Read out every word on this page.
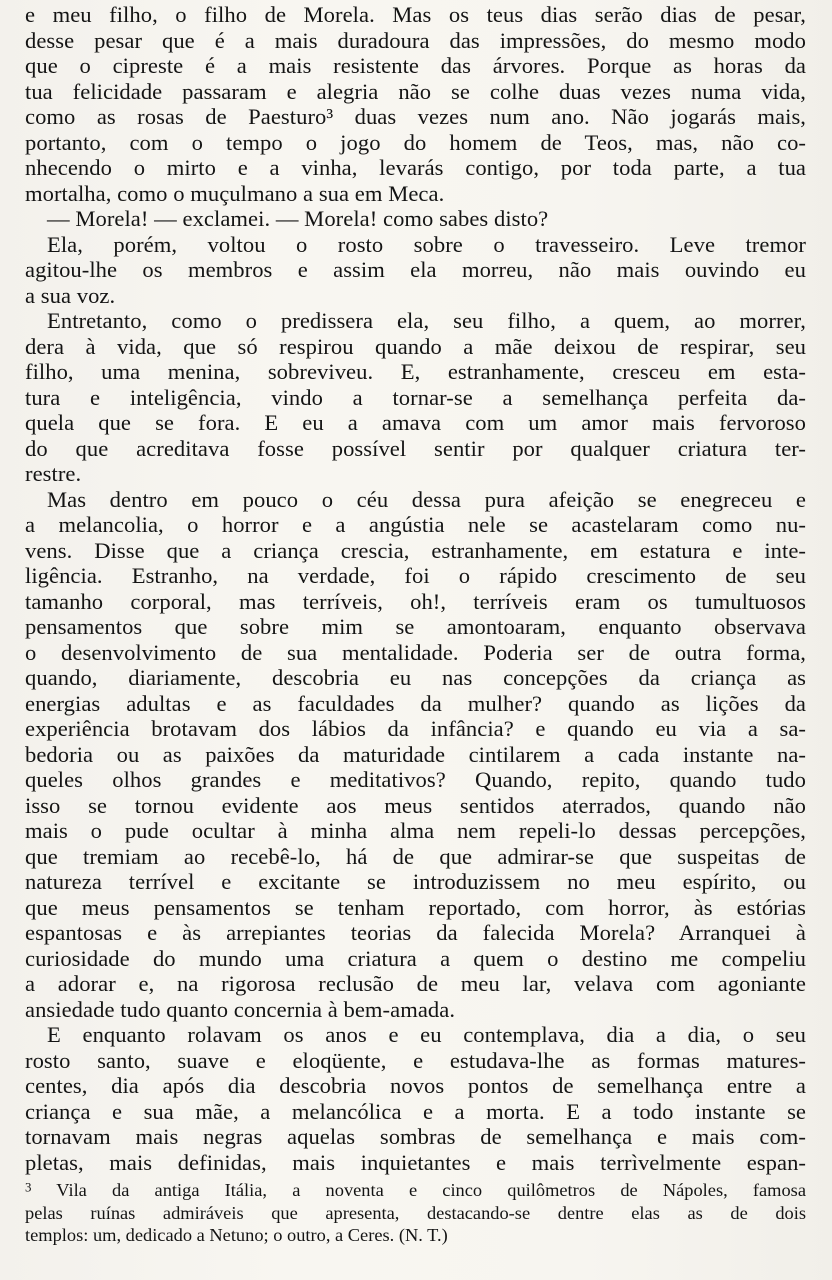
e meu filho, o filho de Morela. Mas os teus dias serão dias de pesar,
desse pesar que é a mais duradoura das impressões, do mesmo modo
que o cipreste é a mais resistente das árvores. Porque as horas da
tua felicidade passaram e alegria não se colhe duas vezes numa vida,
como as rosas de Paesturo³ duas vezes num ano. Não jogarás mais,
portanto, com o tempo o jogo do homem de Teos, mas, não co-
nhecendo o mirto e a vinha, levarás contigo, por toda parte, a tua
mortalha, como o muçulmano a sua em Meca.
— Morela! — exclamei. — Morela! como sabes disto?
Ela, porém, voltou o rosto sobre o travesseiro. Leve tremor
agitou-lhe os membros e assim ela morreu, não mais ouvindo eu
a sua voz.
Entretanto, como o predissera ela, seu filho, a quem, ao morrer,
dera à vida, que só respirou quando a mãe deixou de respirar, seu
filho, uma menina, sobreviveu. E, estranhamente, cresceu em esta-
tura e inteligência, vindo a tornar-se a semelhança perfeita da-
quela que se fora. E eu a amava com um amor mais fervoroso
do que acreditava fosse possível sentir por qualquer criatura ter-
restre.
Mas dentro em pouco o céu dessa pura afeição se enegreceu e
a melancolia, o horror e a angústia nele se acastelaram como nu-
vens. Disse que a criança crescia, estranhamente, em estatura e inte-
ligência. Estranho, na verdade, foi o rápido crescimento de seu
tamanho corporal, mas terríveis, oh!, terríveis eram os tumultuosos
pensamentos que sobre mim se amontoaram, enquanto observava
o desenvolvimento de sua mentalidade. Poderia ser de outra forma,
quando, diariamente, descobria eu nas concepções da criança as
energias adultas e as faculdades da mulher? quando as lições da
experiência brotavam dos lábios da infância? e quando eu via a sa-
bedoria ou as paixões da maturidade cintilarem a cada instante na-
queles olhos grandes e meditativos? Quando, repito, quando tudo
isso se tornou evidente aos meus sentidos aterrados, quando não
mais o pude ocultar à minha alma nem repeli-lo dessas percepções,
que tremiam ao recebê-lo, há de que admirar-se que suspeitas de
natureza terrível e excitante se introduzissem no meu espírito, ou
que meus pensamentos se tenham reportado, com horror, às estórias
espantosas e às arrepiantes teorias da falecida Morela? Arranquei à
curiosidade do mundo uma criatura a quem o destino me compeliu
a adorar e, na rigorosa reclusão de meu lar, velava com agoniante
ansiedade tudo quanto concernia à bem-amada.
E enquanto rolavam os anos e eu contemplava, dia a dia, o seu
rosto santo, suave e eloqüente, e estudava-lhe as formas matures-
centes, dia após dia descobria novos pontos de semelhança entre a
criança e sua mãe, a melancólica e a morta. E a todo instante se
tornavam mais negras aquelas sombras de semelhança e mais com-
pletas, mais definidas, mais inquietantes e mais terrìvelmente espan-
$^3$ Vila da antiga Itália, a noventa e cinco quilômetros de Nápoles, famosa
pelas ruínas admiráveis que apresenta, destacando-se dentre elas as de dois
templos: um, dedicado a Netuno; o outro, a Ceres. (N. T.)
